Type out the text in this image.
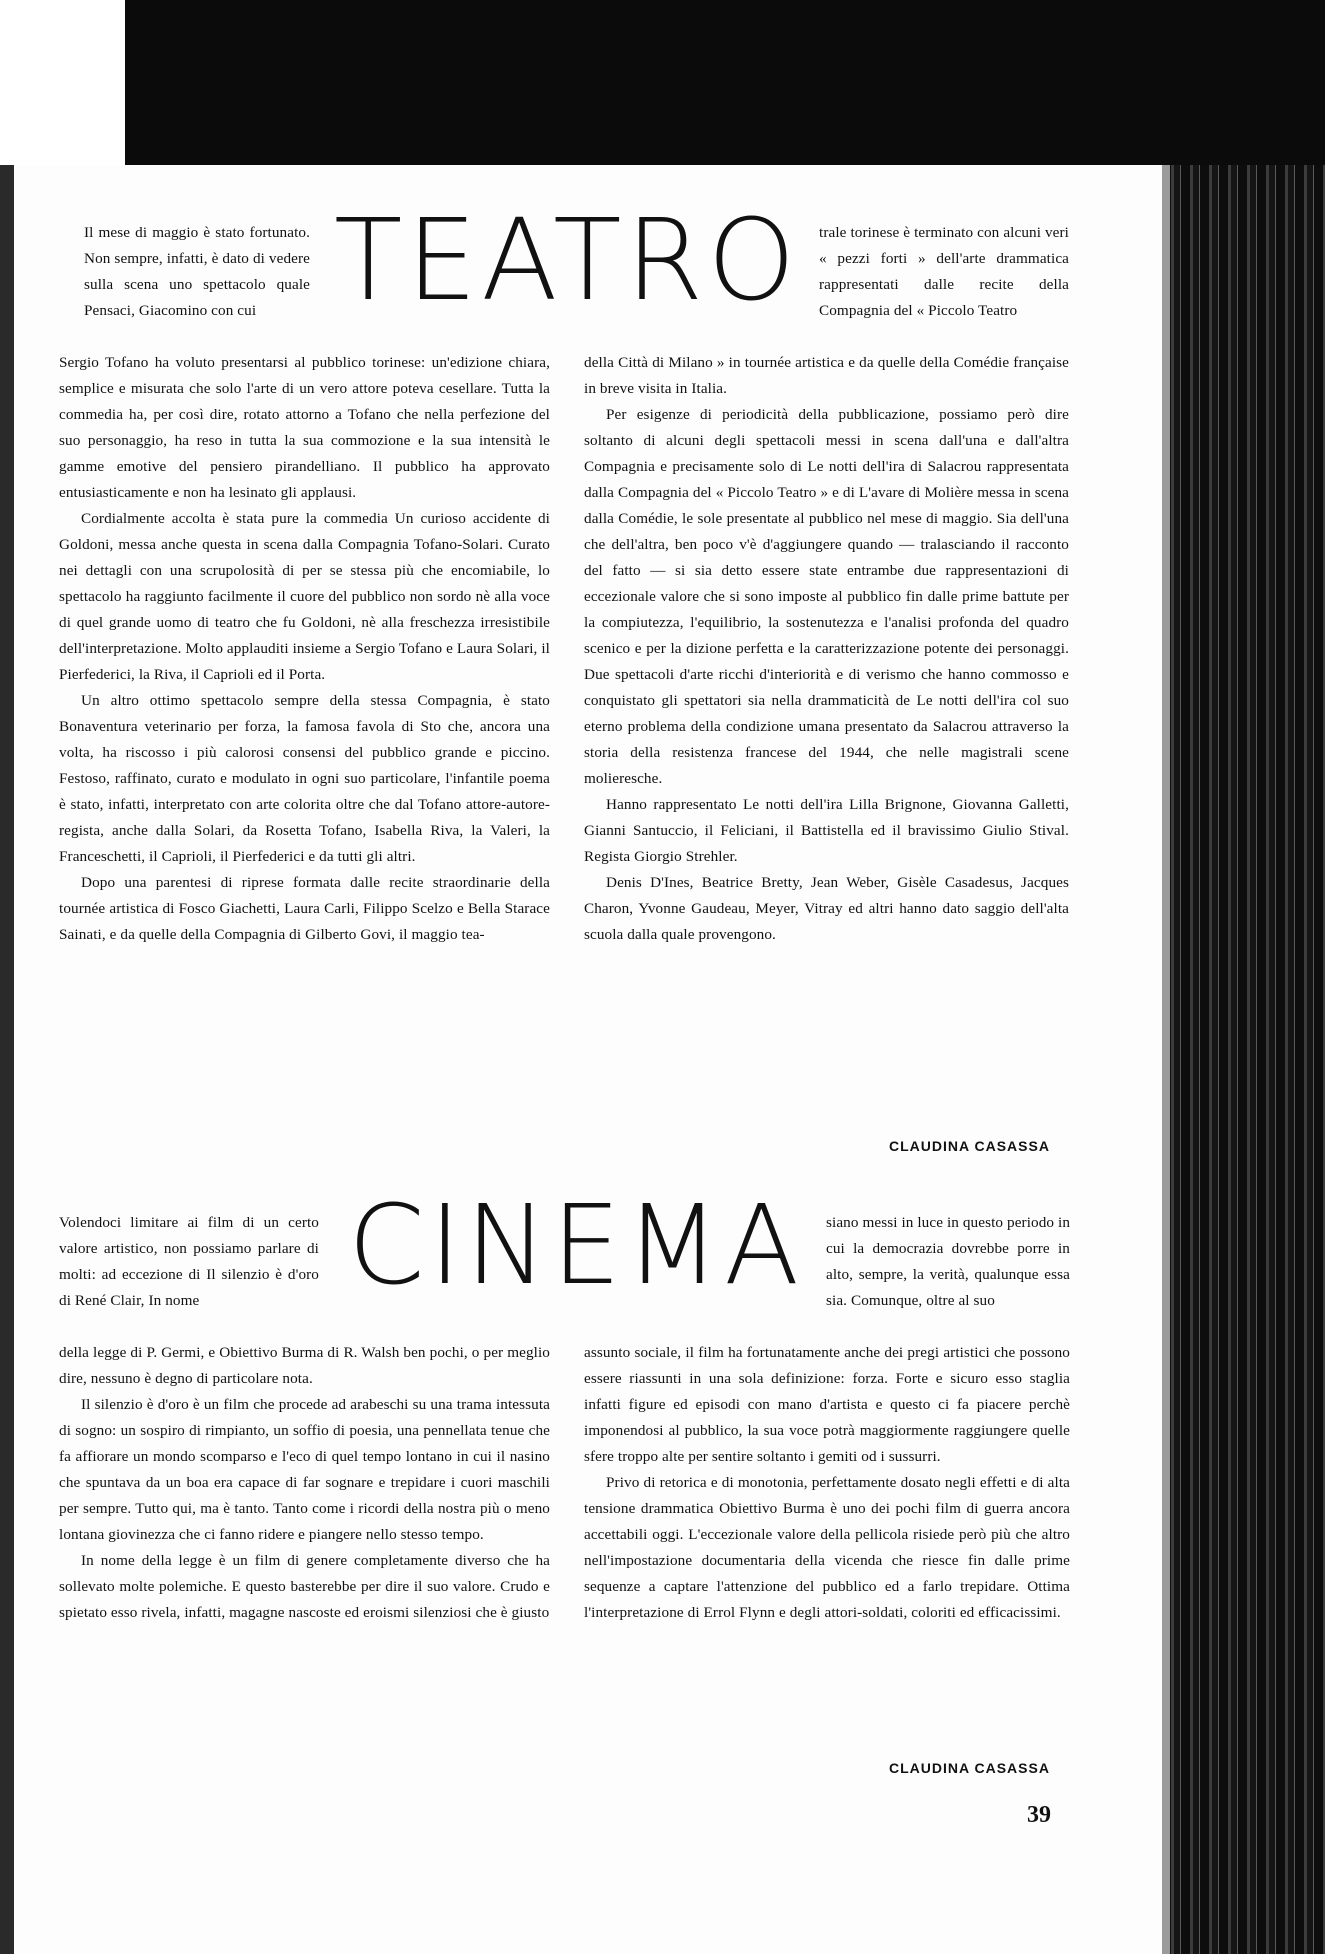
TEATRO

Il mese di maggio è stato fortunato. Non sempre, infatti, è dato di vedere sulla scena uno spettacolo quale Pensaci, Giacomino con cui

Sergio Tofano ha voluto presentarsi al pubblico torinese: un'edizione chiara, semplice e misurata che solo l'arte di un vero attore poteva cesellare. Tutta la commedia ha, per così dire, rotato attorno a Tofano che nella perfezione del suo personaggio, ha reso in tutta la sua commozione e la sua intensità le gamme emotive del pensiero pirandelliano. Il pubblico ha approvato entusiasticamente e non ha lesinato gli applausi.

Cordialmente accolta è stata pure la commedia Un curioso accidente di Goldoni, messa anche questa in scena dalla Compagnia Tofano-Solari. Curato nei dettagli con una scrupolosità di per se stessa più che encomiabile, lo spettacolo ha raggiunto facilmente il cuore del pubblico non sordo nè alla voce di quel grande uomo di teatro che fu Goldoni, nè alla freschezza irresistibile dell'interpretazione. Molto applauditi insieme a Sergio Tofano e Laura Solari, il Pierfederici, la Riva, il Caprioli ed il Porta.

Un altro ottimo spettacolo sempre della stessa Compagnia, è stato Bonaventura veterinario per forza, la famosa favola di Sto che, ancora una volta, ha riscosso i più calorosi consensi del pubblico grande e piccino. Festoso, raffinato, curato e modulato in ogni suo particolare, l'infantile poema è stato, infatti, interpretato con arte colorita oltre che dal Tofano attore-autore-regista, anche dalla Solari, da Rosetta Tofano, Isabella Riva, la Valeri, la Franceschetti, il Caprioli, il Pierfederici e da tutti gli altri.

Dopo una parentesi di riprese formata dalle recite straordinarie della tournée artistica di Fosco Giachetti, Laura Carli, Filippo Scelzo e Bella Starace Sainati, e da quelle della Compagnia di Gilberto Govi, il maggio tea-

trale torinese è terminato con alcuni veri « pezzi forti » dell'arte drammatica rappresentati dalle recite della Compagnia del « Piccolo Teatro

della Città di Milano » in tournée artistica e da quelle della Comédie française in breve visita in Italia.

Per esigenze di periodicità della pubblicazione, possiamo però dire soltanto di alcuni degli spettacoli messi in scena dall'una e dall'altra Compagnia e precisamente solo di Le notti dell'ira di Salacrou rappresentata dalla Compagnia del « Piccolo Teatro » e di L'avare di Molière messa in scena dalla Comédie, le sole presentate al pubblico nel mese di maggio. Sia dell'una che dell'altra, ben poco v'è d'aggiungere quando — tralasciando il racconto del fatto — si sia detto essere state entrambe due rappresentazioni di eccezionale valore che si sono imposte al pubblico fin dalle prime battute per la compiutezza, l'equilibrio, la sostenutezza e l'analisi profonda del quadro scenico e per la dizione perfetta e la caratterizzazione potente dei personaggi. Due spettacoli d'arte ricchi d'interiorità e di verismo che hanno commosso e conquistato gli spettatori sia nella drammaticità de Le notti dell'ira col suo eterno problema della condizione umana presentato da Salacrou attraverso la storia della resistenza francese del 1944, che nelle magistrali scene molieresche.

Hanno rappresentato Le notti dell'ira Lilla Brignone, Giovanna Galletti, Gianni Santuccio, il Feliciani, il Battistella ed il bravissimo Giulio Stival. Regista Giorgio Strehler.

Denis D'Ines, Beatrice Bretty, Jean Weber, Gisèle Casadesus, Jacques Charon, Yvonne Gaudeau, Meyer, Vitray ed altri hanno dato saggio dell'alta scuola dalla quale provengono.

CLAUDINA CASASSA
CINEMA

Volendoci limitare ai film di un certo valore artistico, non possiamo parlare di molti: ad eccezione di Il silenzio è d'oro di René Clair, In nome

della legge di P. Germi, e Obiettivo Burma di R. Walsh ben pochi, o per meglio dire, nessuno è degno di particolare nota.

Il silenzio è d'oro è un film che procede ad arabeschi su una trama intessuta di sogno: un sospiro di rimpianto, un soffio di poesia, una pennellata tenue che fa affiorare un mondo scomparso e l'eco di quel tempo lontano in cui il nasino che spuntava da un boa era capace di far sognare e trepidare i cuori maschili per sempre. Tutto qui, ma è tanto. Tanto come i ricordi della nostra più o meno lontana giovinezza che ci fanno ridere e piangere nello stesso tempo.

In nome della legge è un film di genere completamente diverso che ha sollevato molte polemiche. E questo basterebbe per dire il suo valore. Crudo e spietato esso rivela, infatti, magagne nascoste ed eroismi silenziosi che è giusto

siano messi in luce in questo periodo in cui la democrazia dovrebbe porre in alto, sempre, la verità, qualunque essa sia. Comunque, oltre al suo

assunto sociale, il film ha fortunatamente anche dei pregi artistici che possono essere riassunti in una sola definizione: forza. Forte e sicuro esso staglia infatti figure ed episodi con mano d'artista e questo ci fa piacere perchè imponendosi al pubblico, la sua voce potrà maggiormente raggiungere quelle sfere troppo alte per sentire soltanto i gemiti od i sussurri.

Privo di retorica e di monotonia, perfettamente dosato negli effetti e di alta tensione drammatica Obiettivo Burma è uno dei pochi film di guerra ancora accettabili oggi. L'eccezionale valore della pellicola risiede però più che altro nell'impostazione documentaria della vicenda che riesce fin dalle prime sequenze a captare l'attenzione del pubblico ed a farlo trepidare. Ottima l'interpretazione di Errol Flynn e degli attori-soldati, coloriti ed efficacissimi.

CLAUDINA CASASSA
39
